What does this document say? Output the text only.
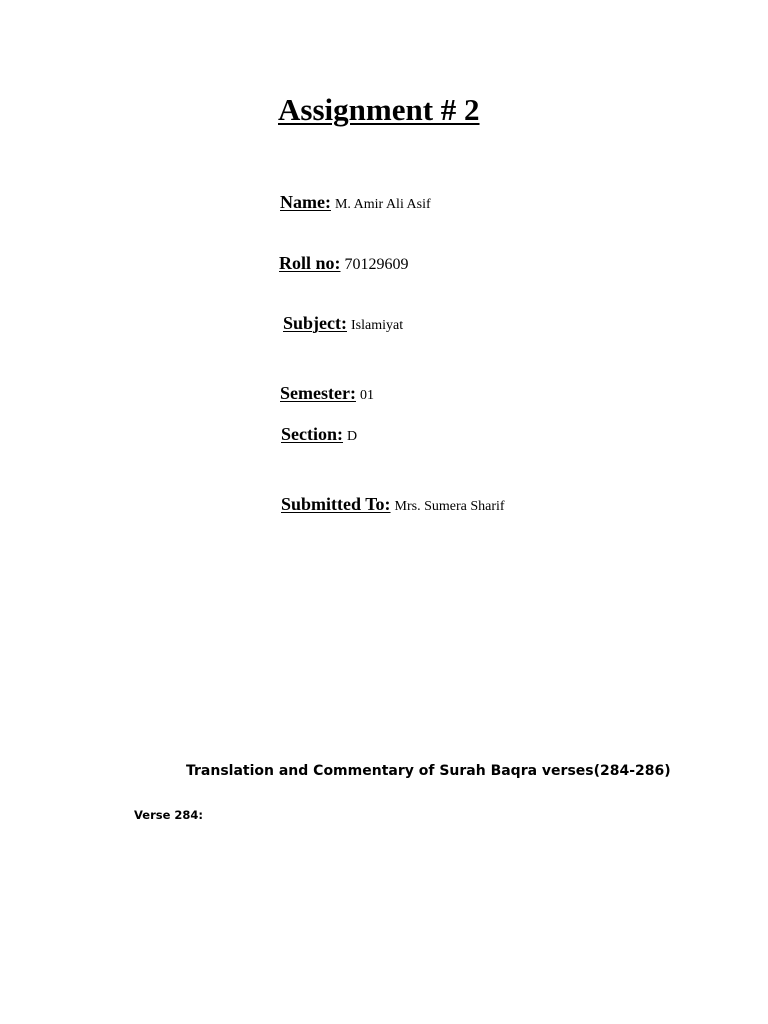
Assignment # 2
Name: M. Amir Ali Asif
Roll no: 70129609
Subject: Islamiyat
Semester: 01
Section: D
Submitted To: Mrs. Sumera Sharif
Translation and Commentary of Surah Baqra verses(284-286)
Verse 284:
